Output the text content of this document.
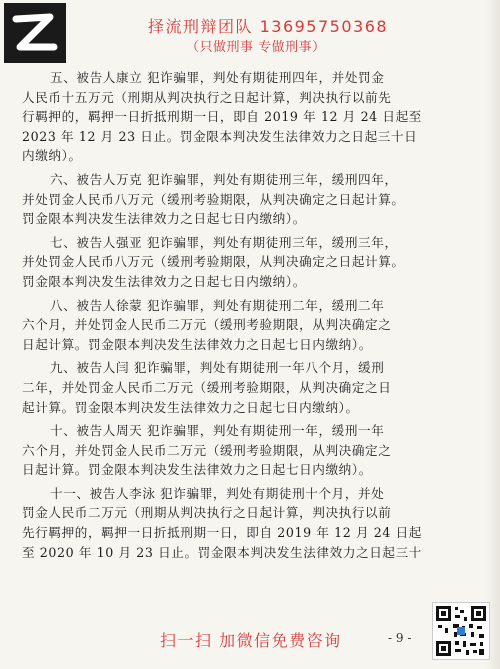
择流刑辩团队 13695750368
（只做刑事 专做刑事）
五、被告人康立 犯诈骗罪，判处有期徒刑四年，并处罚金
人民币十五万元（刑期从判决执行之日起计算，判决执行以前先
行羁押的，羁押一日折抵刑期一日，即自 2019 年 12 月 24 日起至
2023 年 12 月 23 日止。罚金限本判决发生法律效力之日起三十日
内缴纳）。
六、被告人万克 犯诈骗罪，判处有期徒刑三年，缓刑四年，
并处罚金人民币八万元（缓刑考验期限，从判决确定之日起计算。
罚金限本判决发生法律效力之日起七日内缴纳）。
七、被告人强亚 犯诈骗罪，判处有期徒刑三年，缓刑三年，
并处罚金人民币八万元（缓刑考验期限，从判决确定之日起计算。
罚金限本判决发生法律效力之日起七日内缴纳）。
八、被告人徐蒙 犯诈骗罪，判处有期徒刑二年，缓刑二年
六个月，并处罚金人民币二万元（缓刑考验期限，从判决确定之
日起计算。罚金限本判决发生法律效力之日起七日内缴纳）。
九、被告人闫 犯诈骗罪，判处有期徒刑一年八个月，缓刑
二年，并处罚金人民币二万元（缓刑考验期限，从判决确定之日
起计算。罚金限本判决发生法律效力之日起七日内缴纳）。
十、被告人周天 犯诈骗罪，判处有期徒刑一年，缓刑一年
六个月，并处罚金人民币二万元（缓刑考验期限，从判决确定之
日起计算。罚金限本判决发生法律效力之日起七日内缴纳）。
十一、被告人李泳 犯诈骗罪，判处有期徒刑十个月，并处
罚金人民币二万元（刑期从判决执行之日起计算，判决执行以前
先行羁押的，羁押一日折抵刑期一日，即自 2019 年 12 月 24 日起
至 2020 年 10 月 23 日止。罚金限本判决发生法律效力之日起三十
扫一扫 加微信免费咨询	- 9 -
